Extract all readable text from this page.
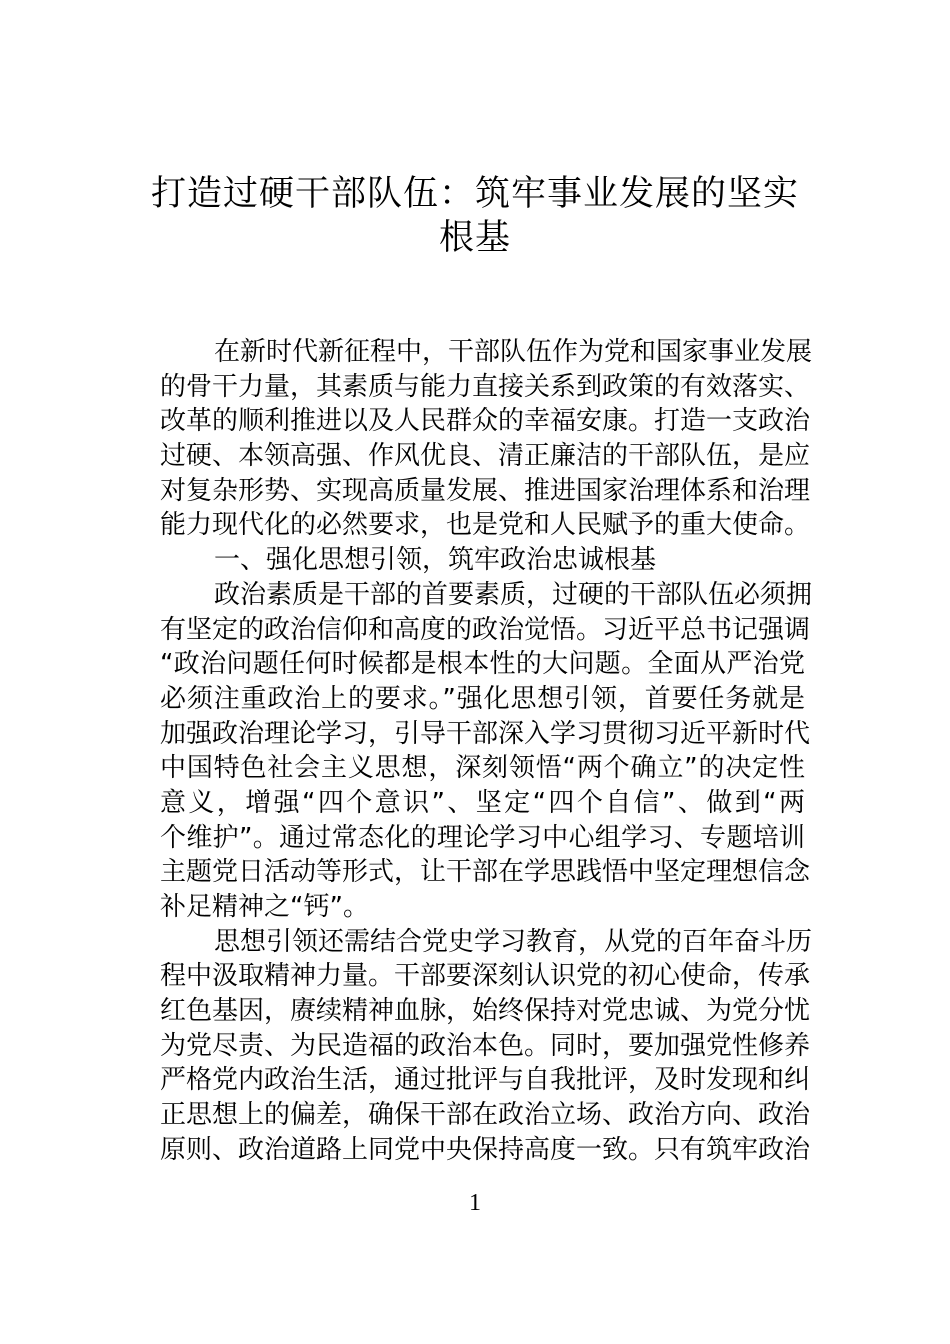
打造过硬干部队伍：筑牢事业发展的坚实
根基
在新时代新征程中，干部队伍作为党和国家事业发展
的骨干力量，其素质与能力直接关系到政策的有效落实、
改革的顺利推进以及人民群众的幸福安康。打造一支政治
过硬、本领高强、作风优良、清正廉洁的干部队伍，是应
对复杂形势、实现高质量发展、推进国家治理体系和治理
能力现代化的必然要求，也是党和人民赋予的重大使命。
一、强化思想引领，筑牢政治忠诚根基
政治素质是干部的首要素质，过硬的干部队伍必须拥
有坚定的政治信仰和高度的政治觉悟。习近平总书记强调
“政治问题任何时候都是根本性的大问题。全面从严治党
必须注重政治上的要求。”强化思想引领，首要任务就是
加强政治理论学习，引导干部深入学习贯彻习近平新时代
中国特色社会主义思想，深刻领悟“两个确立”的决定性
意义，增强“四个意识”、坚定“四个自信”、做到“两
个维护”。通过常态化的理论学习中心组学习、专题培训
主题党日活动等形式，让干部在学思践悟中坚定理想信念
补足精神之“钙”。
思想引领还需结合党史学习教育，从党的百年奋斗历
程中汲取精神力量。干部要深刻认识党的初心使命，传承
红色基因，赓续精神血脉，始终保持对党忠诚、为党分忧
为党尽责、为民造福的政治本色。同时，要加强党性修养
严格党内政治生活，通过批评与自我批评，及时发现和纠
正思想上的偏差，确保干部在政治立场、政治方向、政治
原则、政治道路上同党中央保持高度一致。只有筑牢政治
1
